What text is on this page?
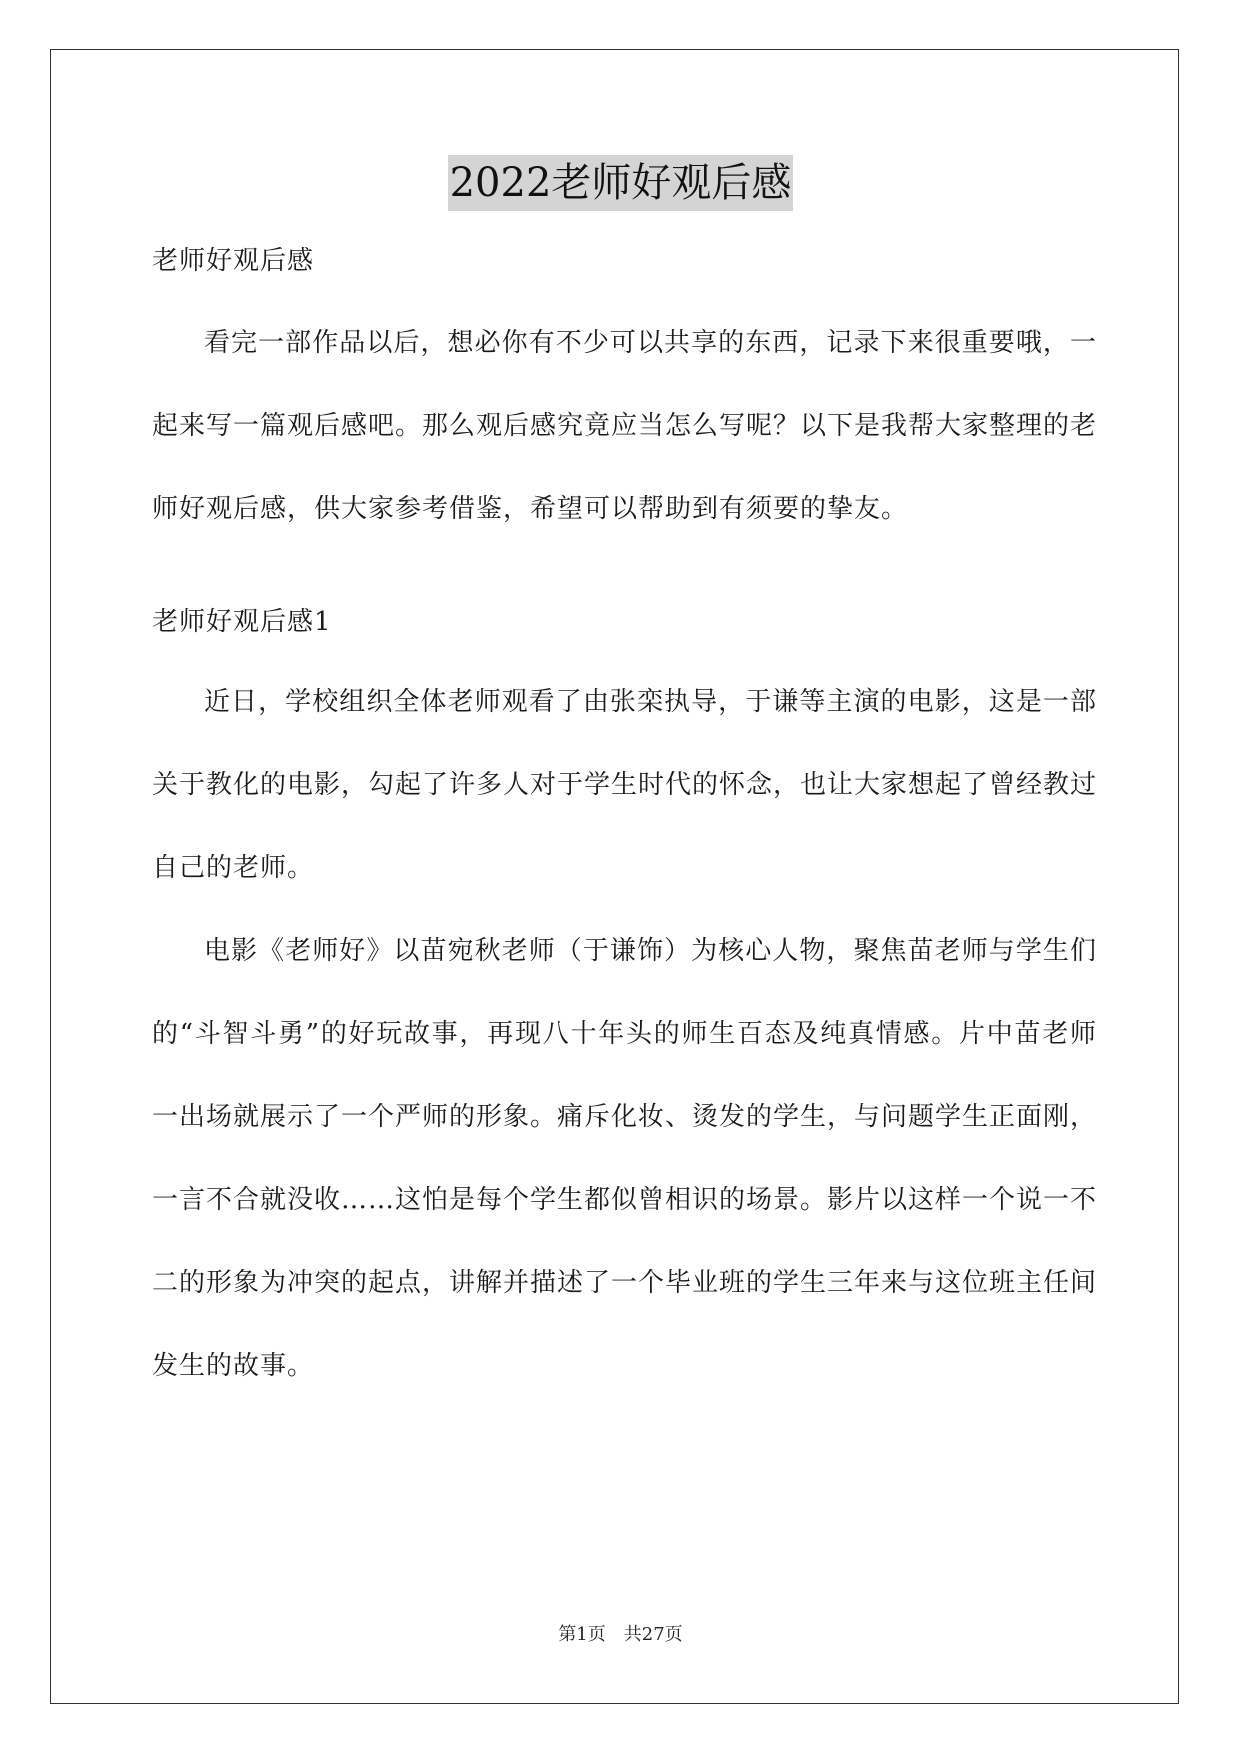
2022老师好观后感

老师好观后感

看完一部作品以后，想必你有不少可以共享的东西，记录下来很重要哦，一起来写一篇观后感吧。那么观后感究竟应当怎么写呢？以下是我帮大家整理的老师好观后感，供大家参考借鉴，希望可以帮助到有须要的挚友。

老师好观后感1

近日，学校组织全体老师观看了由张栾执导，于谦等主演的电影，这是一部关于教化的电影，勾起了许多人对于学生时代的怀念，也让大家想起了曾经教过自己的老师。

电影《老师好》以苗宛秋老师（于谦饰）为核心人物，聚焦苗老师与学生们的“斗智斗勇”的好玩故事，再现八十年头的师生百态及纯真情感。片中苗老师一出场就展示了一个严师的形象。痛斥化妆、烫发的学生，与问题学生正面刚，一言不合就没收……这怕是每个学生都似曾相识的场景。影片以这样一个说一不二的形象为冲突的起点，讲解并描述了一个毕业班的学生三年来与这位班主任间发生的故事。

第1页　共27页
